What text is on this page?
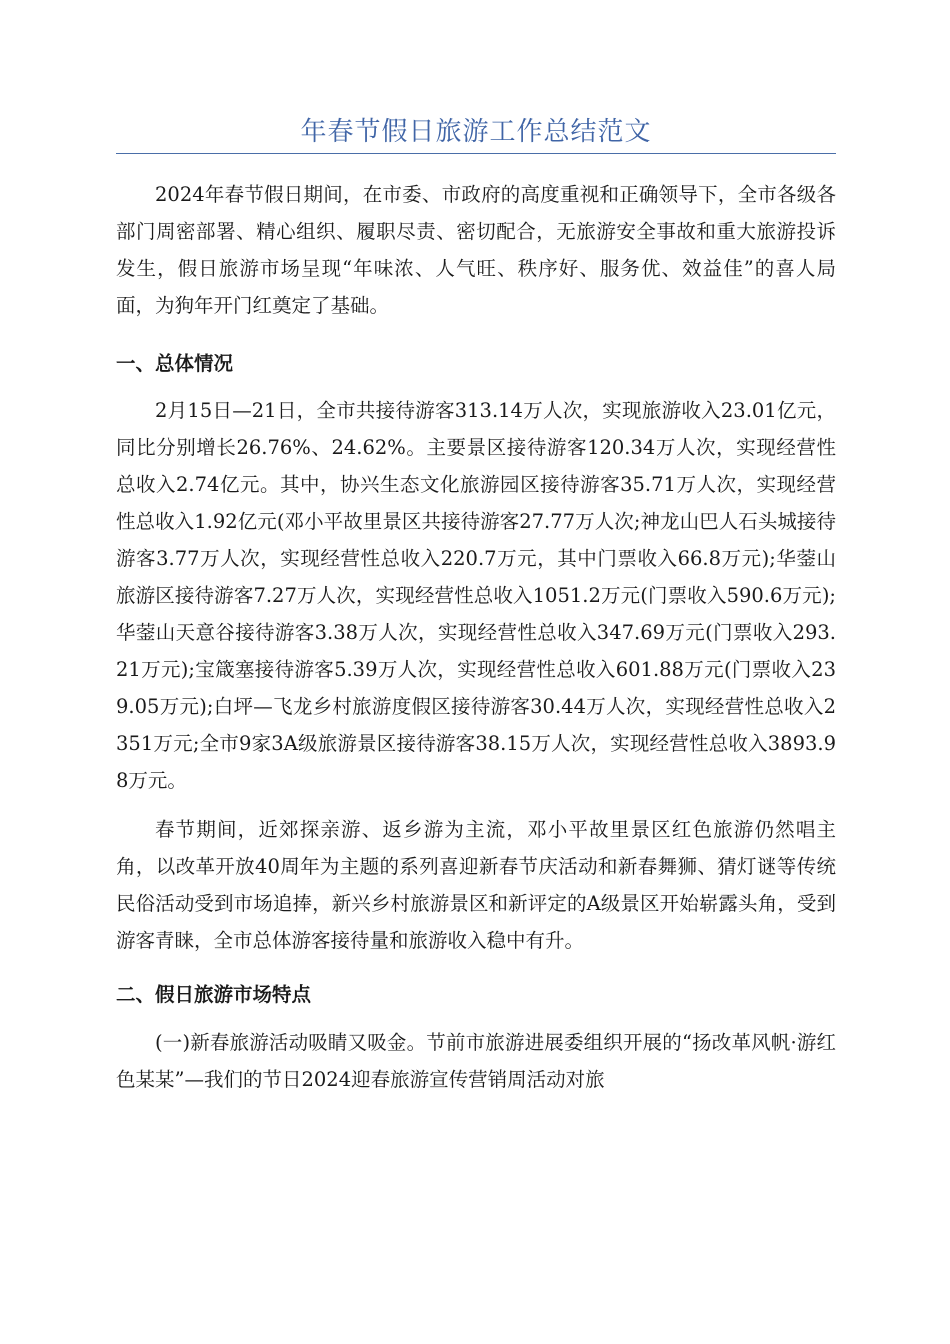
年春节假日旅游工作总结范文

2024年春节假日期间，在市委、市政府的高度重视和正确领导下，全市各级各部门周密部署、精心组织、履职尽责、密切配合，无旅游安全事故和重大旅游投诉发生，假日旅游市场呈现“年味浓、人气旺、秩序好、服务优、效益佳”的喜人局面，为狗年开门红奠定了基础。

一、总体情况

2月15日—21日，全市共接待游客313.14万人次，实现旅游收入23.01亿元，同比分别增长26.76%、24.62%。主要景区接待游客120.34万人次，实现经营性总收入2.74亿元。其中，协兴生态文化旅游园区接待游客35.71万人次，实现经营性总收入1.92亿元(邓小平故里景区共接待游客27.77万人次;神龙山巴人石头城接待游客3.77万人次，实现经营性总收入220.7万元，其中门票收入66.8万元);华蓥山旅游区接待游客7.27万人次，实现经营性总收入1051.2万元(门票收入590.6万元);华蓥山天意谷接待游客3.38万人次，实现经营性总收入347.69万元(门票收入293.21万元);宝箴塞接待游客5.39万人次，实现经营性总收入601.88万元(门票收入239.05万元);白坪—飞龙乡村旅游度假区接待游客30.44万人次，实现经营性总收入2351万元;全市9家3A级旅游景区接待游客38.15万人次，实现经营性总收入3893.98万元。

春节期间，近郊探亲游、返乡游为主流，邓小平故里景区红色旅游仍然唱主角，以改革开放40周年为主题的系列喜迎新春节庆活动和新春舞狮、猜灯谜等传统民俗活动受到市场追捧，新兴乡村旅游景区和新评定的A级景区开始崭露头角，受到游客青睐，全市总体游客接待量和旅游收入稳中有升。

二、假日旅游市场特点

(一)新春旅游活动吸睛又吸金。节前市旅游进展委组织开展的“扬改革风帆·游红色某某”—我们的节日2024迎春旅游宣传营销周活动对旅
